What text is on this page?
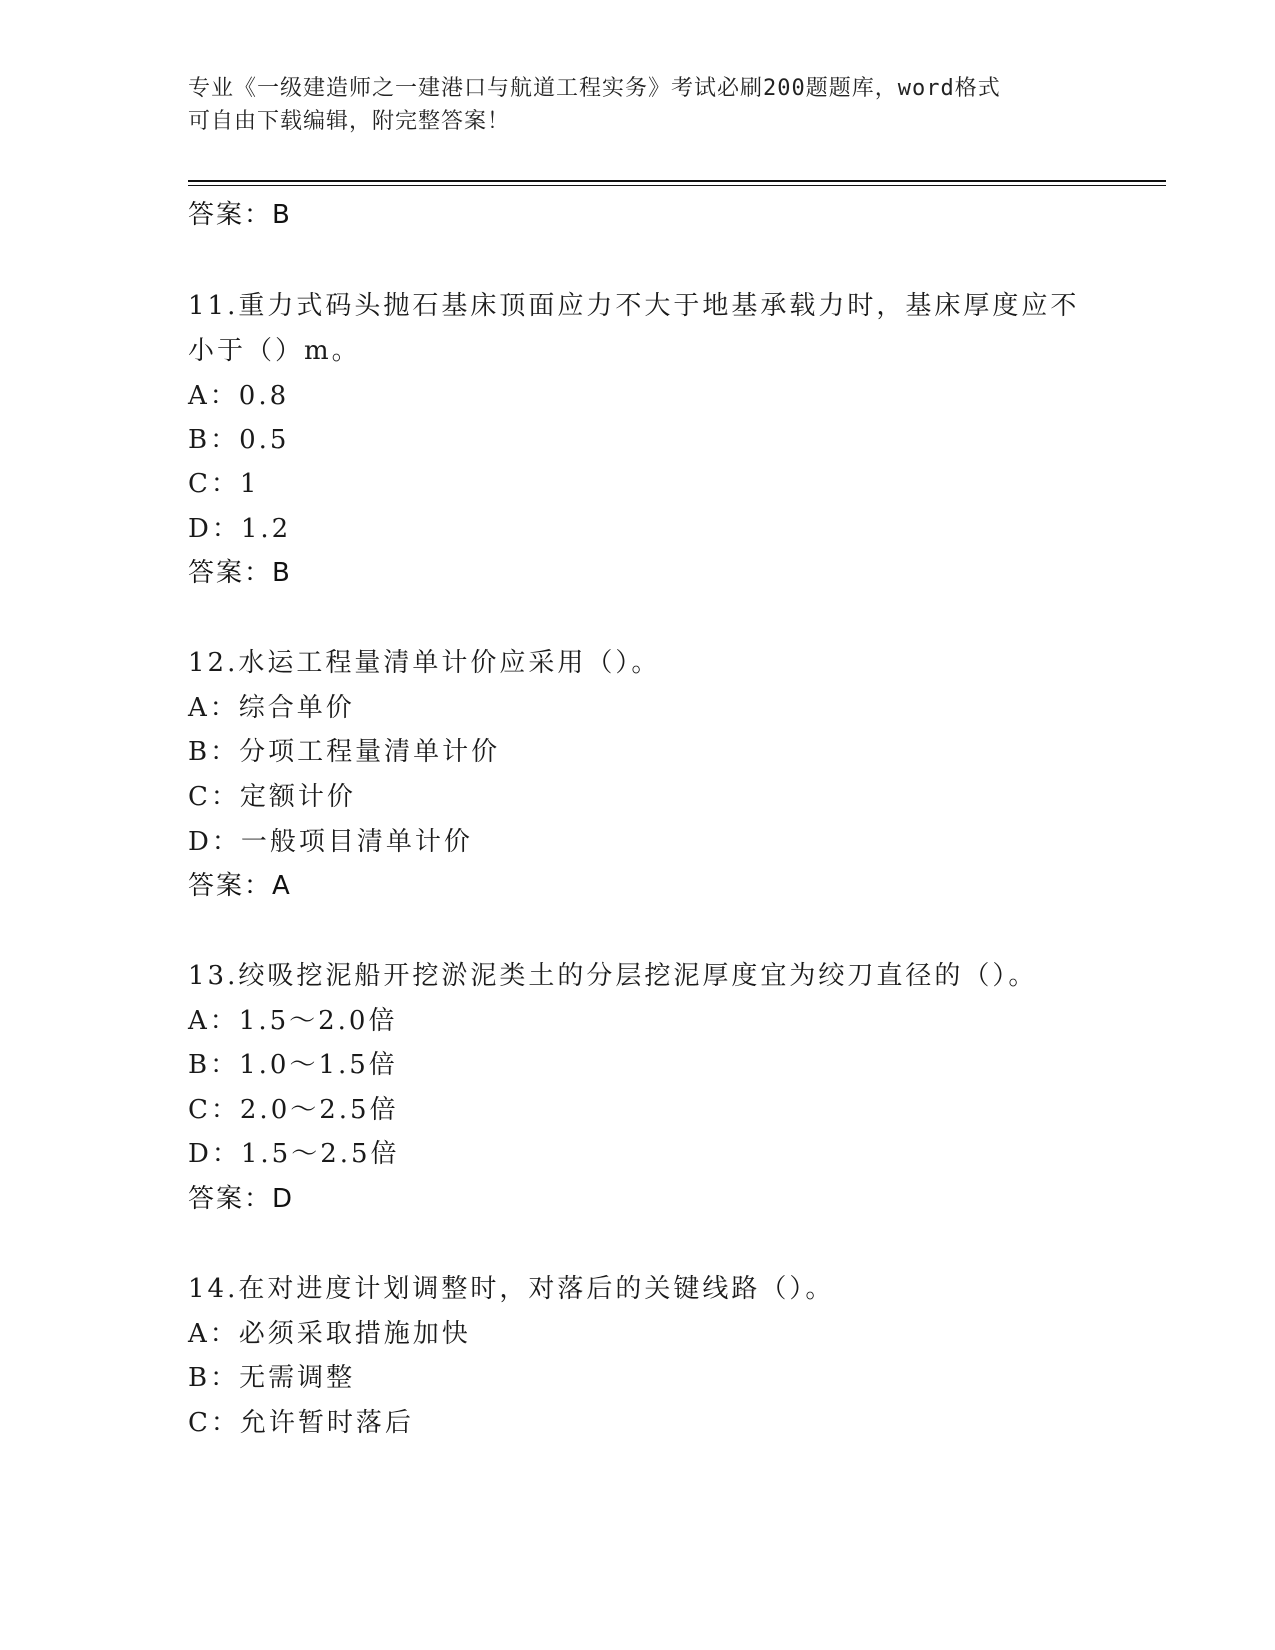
专业《一级建造师之一建港口与航道工程实务》考试必刷200题题库，word格式
可自由下载编辑，附完整答案！
答案：B
11.重力式码头抛石基床顶面应力不大于地基承载力时，基床厚度应不
小于（）m。
A：0.8
B：0.5
C：1
D：1.2
答案：B
12.水运工程量清单计价应采用（）。
A：综合单价
B：分项工程量清单计价
C：定额计价
D：一般项目清单计价
答案：A
13.绞吸挖泥船开挖淤泥类土的分层挖泥厚度宜为绞刀直径的（）。
A：1.5～2.0倍
B：1.0～1.5倍
C：2.0～2.5倍
D：1.5～2.5倍
答案：D
14.在对进度计划调整时，对落后的关键线路（）。
A：必须采取措施加快
B：无需调整
C：允许暂时落后
